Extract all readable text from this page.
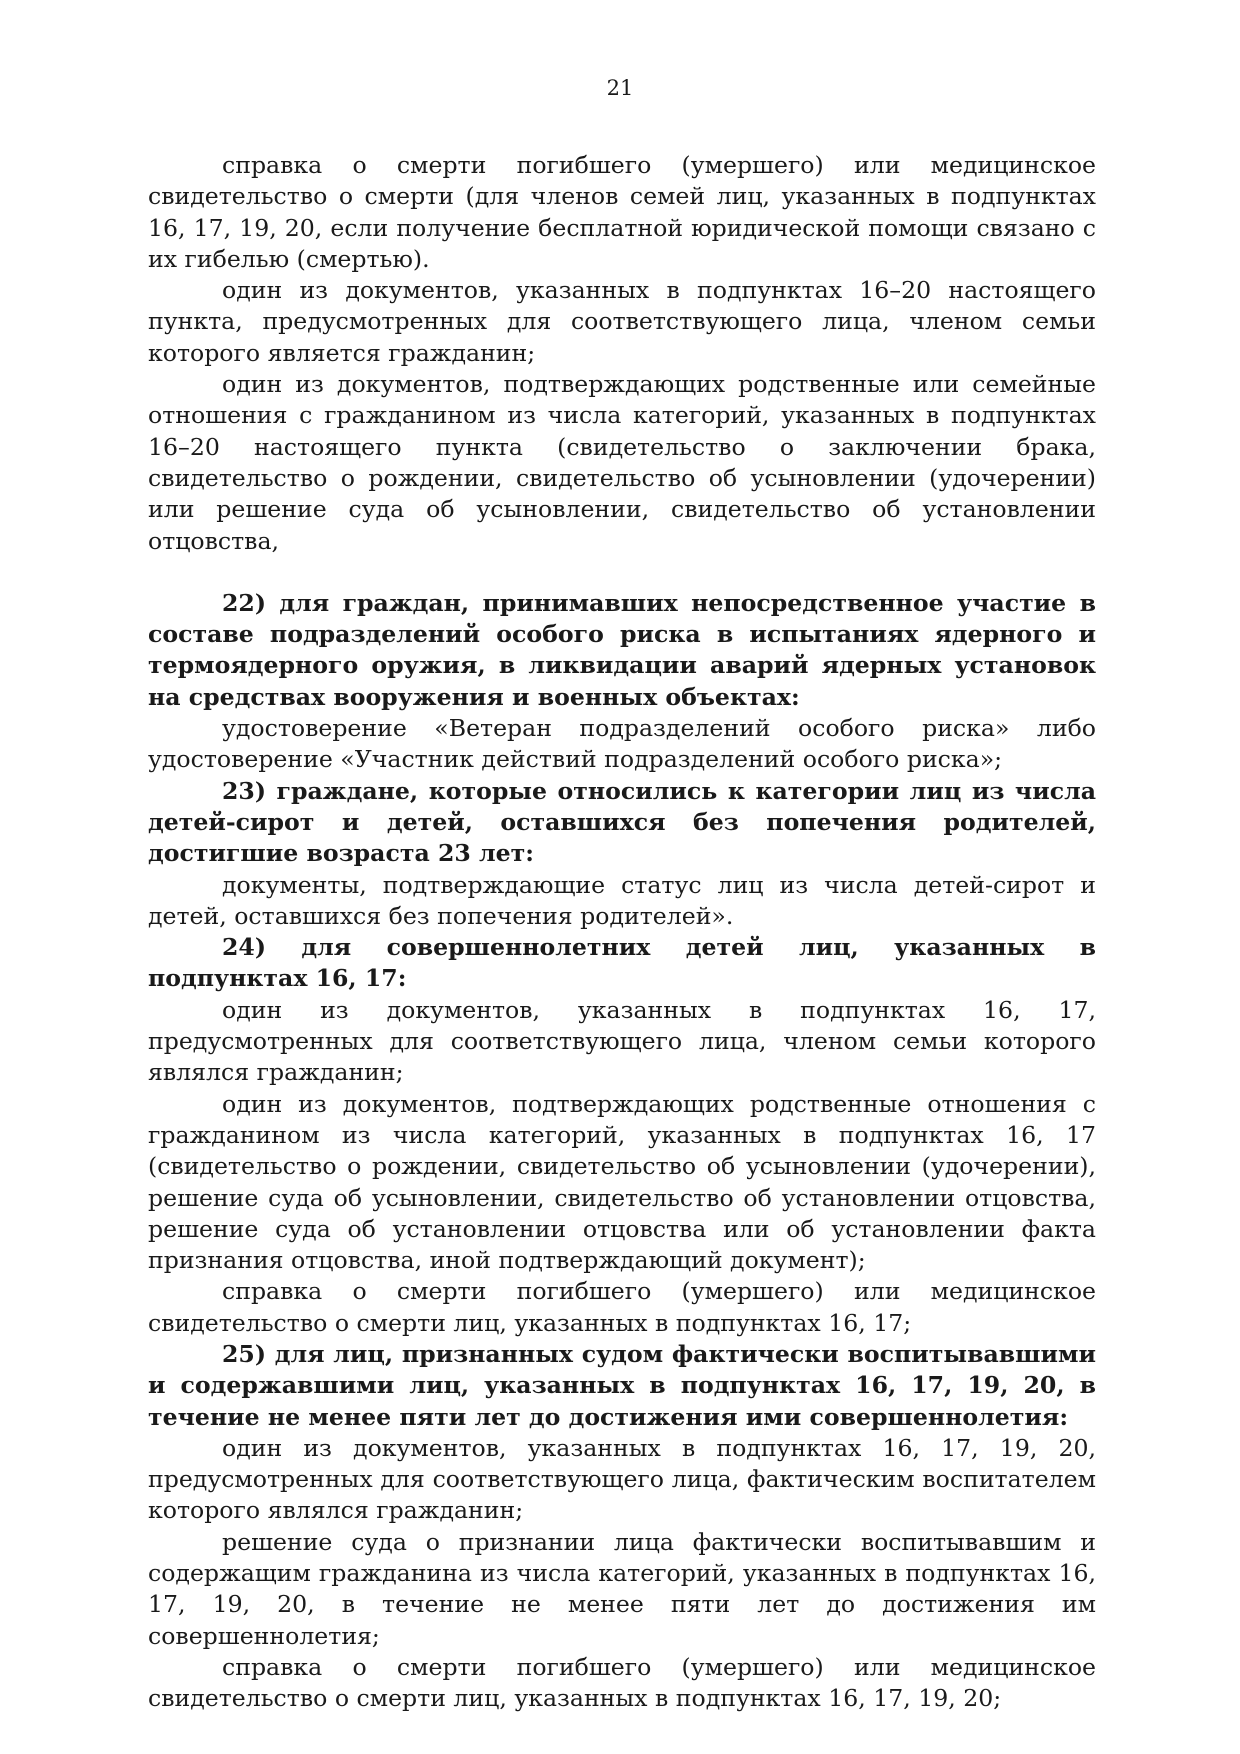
21

справка о смерти погибшего (умершего) или медицинское свидетельство о смерти (для членов семей лиц, указанных в подпунктах 16, 17, 19, 20, если получение бесплатной юридической помощи связано с их гибелью (смертью).

один из документов, указанных в подпунктах 16–20 настоящего пункта, предусмотренных для соответствующего лица, членом семьи которого является гражданин;

один из документов, подтверждающих родственные или семейные отношения с гражданином из числа категорий, указанных в подпунктах 16–20 настоящего пункта (свидетельство о заключении брака, свидетельство о рождении, свидетельство об усыновлении (удочерении) или решение суда об усыновлении, свидетельство об установлении отцовства,

22) для граждан, принимавших непосредственное участие в составе подразделений особого риска в испытаниях ядерного и термоядерного оружия, в ликвидации аварий ядерных установок на средствах вооружения и военных объектах:

удостоверение «Ветеран подразделений особого риска» либо удостоверение «Участник действий подразделений особого риска»;

23) граждане, которые относились к категории лиц из числа детей-сирот и детей, оставшихся без попечения родителей, достигшие возраста 23 лет:

документы, подтверждающие статус лиц из числа детей-сирот и детей, оставшихся без попечения родителей».

24) для совершеннолетних детей лиц, указанных в подпунктах 16, 17:

один из документов, указанных в подпунктах 16, 17, предусмотренных для соответствующего лица, членом семьи которого являлся гражданин;

один из документов, подтверждающих родственные отношения с гражданином из числа категорий, указанных в подпунктах 16, 17 (свидетельство о рождении, свидетельство об усыновлении (удочерении), решение суда об усыновлении, свидетельство об установлении отцовства, решение суда об установлении отцовства или об установлении факта признания отцовства, иной подтверждающий документ);

справка о смерти погибшего (умершего) или медицинское свидетельство о смерти лиц, указанных в подпунктах 16, 17;

25) для лиц, признанных судом фактически воспитывавшими и содержавшими лиц, указанных в подпунктах 16, 17, 19, 20, в течение не менее пяти лет до достижения ими совершеннолетия:

один из документов, указанных в подпунктах 16, 17, 19, 20, предусмотренных для соответствующего лица, фактическим воспитателем которого являлся гражданин;

решение суда о признании лица фактически воспитывавшим и содержащим гражданина из числа категорий, указанных в подпунктах 16, 17, 19, 20, в течение не менее пяти лет до достижения им совершеннолетия;

справка о смерти погибшего (умершего) или медицинское свидетельство о смерти лиц, указанных в подпунктах 16, 17, 19, 20;
